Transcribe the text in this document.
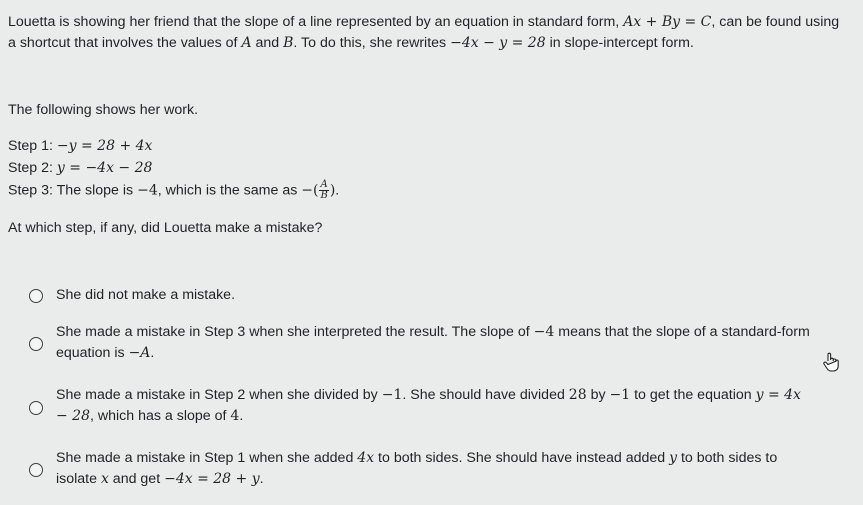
Louetta is showing her friend that the slope of a line represented by an equation in standard form, Ax + By = C, can be found using a shortcut that involves the values of A and B. To do this, she rewrites −4x − y = 28 in slope-intercept form.
The following shows her work.
Step 1: −y = 28 + 4x
Step 2: y = −4x − 28
Step 3: The slope is −4, which is the same as −( $\frac{A}{B}$ ).
At which step, if any, did Louetta make a mistake?
She did not make a mistake.
She made a mistake in Step 3 when she interpreted the result. The slope of −4 means that the slope of a standard-form equation is −A.
She made a mistake in Step 2 when she divided by −1. She should have divided 28 by −1 to get the equation y = 4x − 28, which has a slope of 4.
She made a mistake in Step 1 when she added 4x to both sides. She should have instead added y to both sides to isolate x and get −4x = 28 + y.
